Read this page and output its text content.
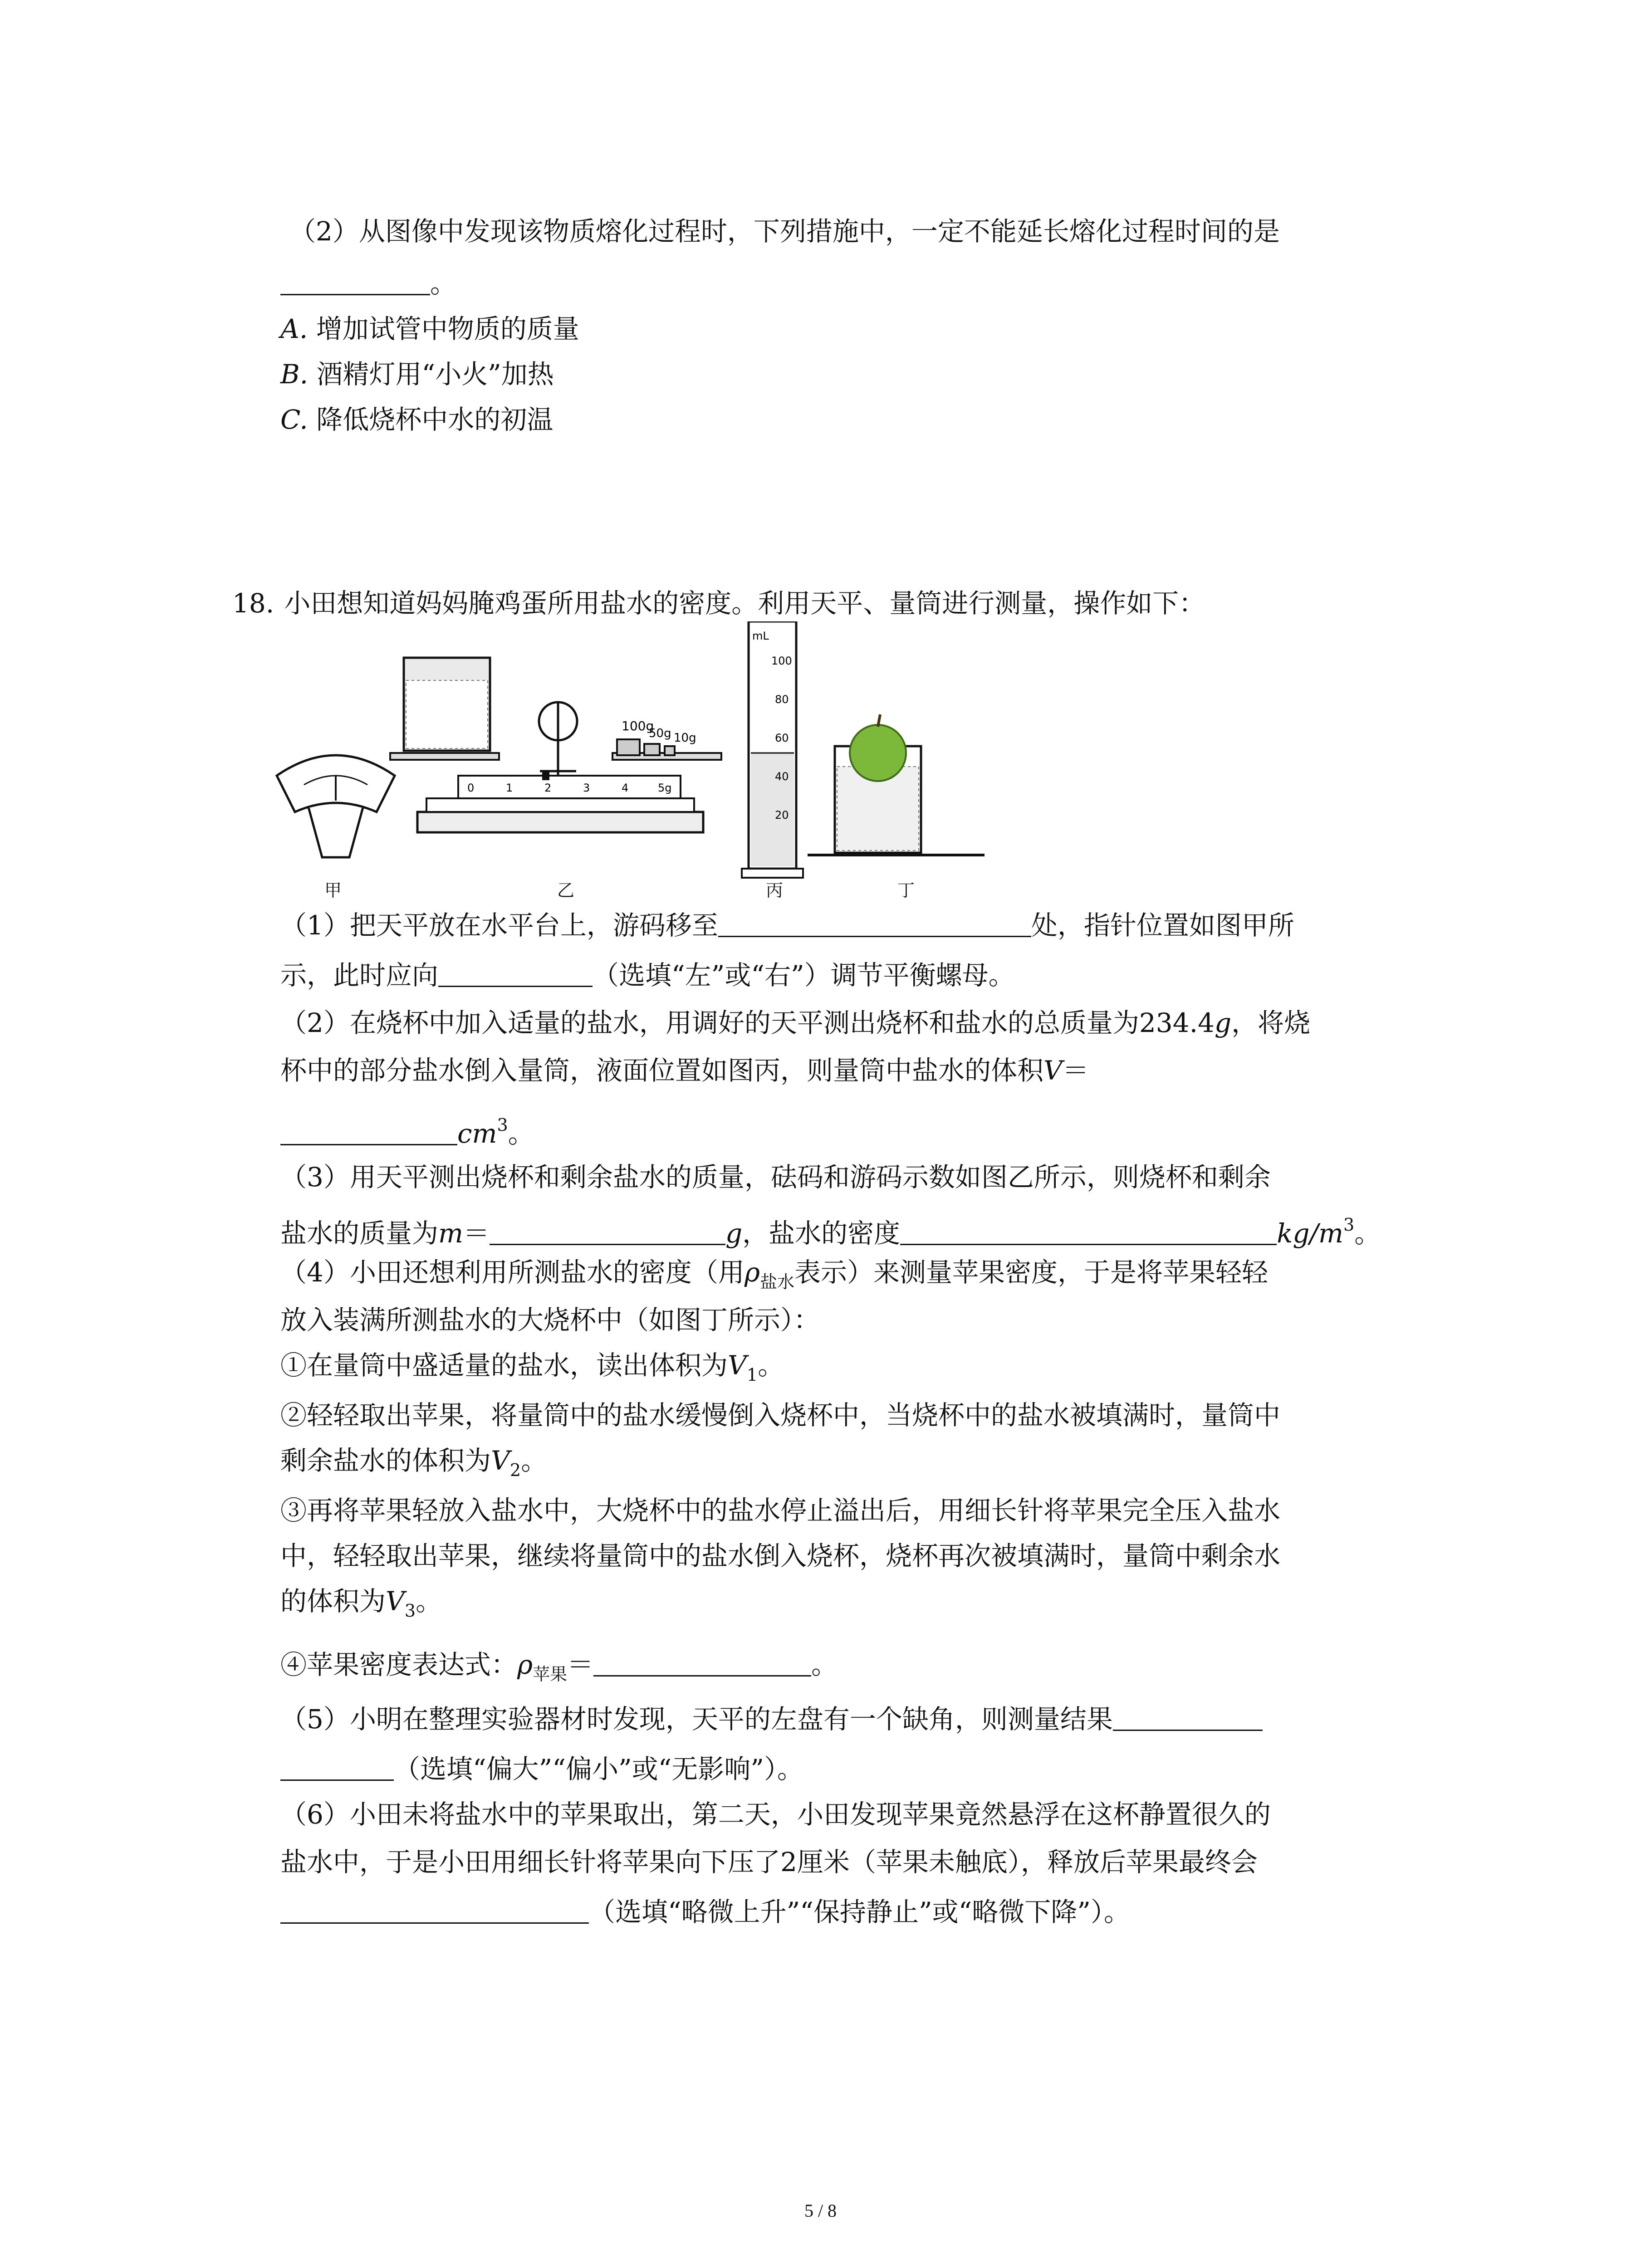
（2）从图像中发现该物质熔化过程时，下列措施中，一定不能延长熔化过程时间的是
。
A. 增加试管中物质的质量
B. 酒精灯用“小火”加热
C. 降低烧杯中水的初温
18. 小田想知道妈妈腌鸡蛋所用盐水的密度。利用天平、量筒进行测量，操作如下：
100g
50g 10g
0	1	2	3	4	5g
mL
100
80
60
40
20
甲	乙	丙	丁
（1）把天平放在水平台上，游码移至	处，指针位置如图甲所
示，此时应向	（选填“左”或“右”）调节平衡螺母。
（2）在烧杯中加入适量的盐水，用调好的天平测出烧杯和盐水的总质量为234.4g，将烧
杯中的部分盐水倒入量筒，液面位置如图丙，则量筒中盐水的体积V＝
$cm^3$。
（3）用天平测出烧杯和剩余盐水的质量，砝码和游码示数如图乙所示，则烧杯和剩余
盐水的质量为m＝	g，盐水的密度	$kg/m^3$。
（4）小田还想利用所测盐水的密度（用$\rho_{盐水}$表示）来测量苹果密度，于是将苹果轻轻
放入装满所测盐水的大烧杯中（如图丁所示）：
①在量筒中盛适量的盐水，读出体积为$V_1$。
②轻轻取出苹果，将量筒中的盐水缓慢倒入烧杯中，当烧杯中的盐水被填满时，量筒中
剩余盐水的体积为$V_2$。
③再将苹果轻放入盐水中，大烧杯中的盐水停止溢出后，用细长针将苹果完全压入盐水
中，轻轻取出苹果，继续将量筒中的盐水倒入烧杯，烧杯再次被填满时，量筒中剩余水
的体积为$V_3$。
④苹果密度表达式：$\rho_{苹果}=$	。
（5）小明在整理实验器材时发现，天平的左盘有一个缺角，则测量结果
（选填“偏大”“偏小”或“无影响”）。
（6）小田未将盐水中的苹果取出，第二天，小田发现苹果竟然悬浮在这杯静置很久的
盐水中，于是小田用细长针将苹果向下压了2厘米（苹果未触底），释放后苹果最终会
（选填“略微上升”“保持静止”或“略微下降”）。
5 / 8
